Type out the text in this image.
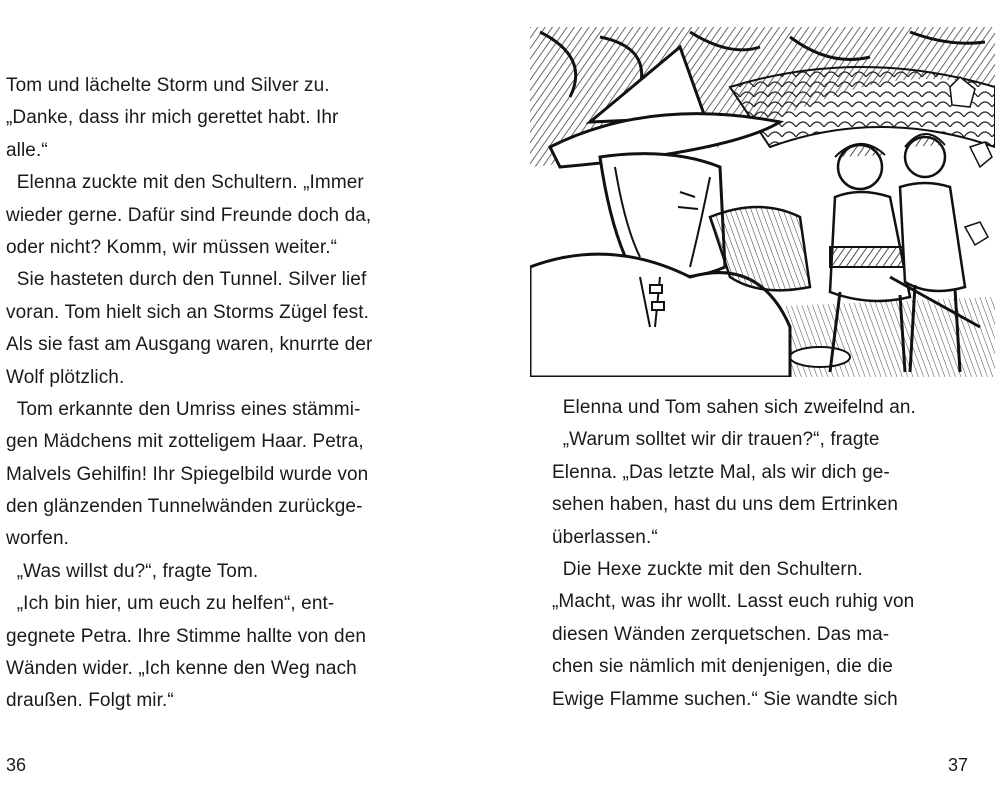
Tom und lächelte Storm und Silver zu.
„Danke, dass ihr mich gerettet habt. Ihr
alle.“
Elenna zuckte mit den Schultern. „Immer
wieder gerne. Dafür sind Freunde doch da,
oder nicht? Komm, wir müssen weiter.“
Sie hasteten durch den Tunnel. Silver lief
voran. Tom hielt sich an Storms Zügel fest.
Als sie fast am Ausgang waren, knurrte der
Wolf plötzlich.
Tom erkannte den Umriss eines stämmi-
gen Mädchens mit zotteligem Haar. Petra,
Malvels Gehilfin! Ihr Spiegelbild wurde von
den glänzenden Tunnelwänden zurückge-
worfen.
„Was willst du?“, fragte Tom.
„Ich bin hier, um euch zu helfen“, ent-
gegnete Petra. Ihre Stimme hallte von den
Wänden wider. „Ich kenne den Weg nach
draußen. Folgt mir.“
36
Elenna und Tom sahen sich zweifelnd an.
„Warum solltet wir dir trauen?“, fragte
Elenna. „Das letzte Mal, als wir dich ge-
sehen haben, hast du uns dem Ertrinken
überlassen.“
Die Hexe zuckte mit den Schultern.
„Macht, was ihr wollt. Lasst euch ruhig von
diesen Wänden zerquetschen. Das ma-
chen sie nämlich mit denjenigen, die die
Ewige Flamme suchen.“ Sie wandte sich
37
